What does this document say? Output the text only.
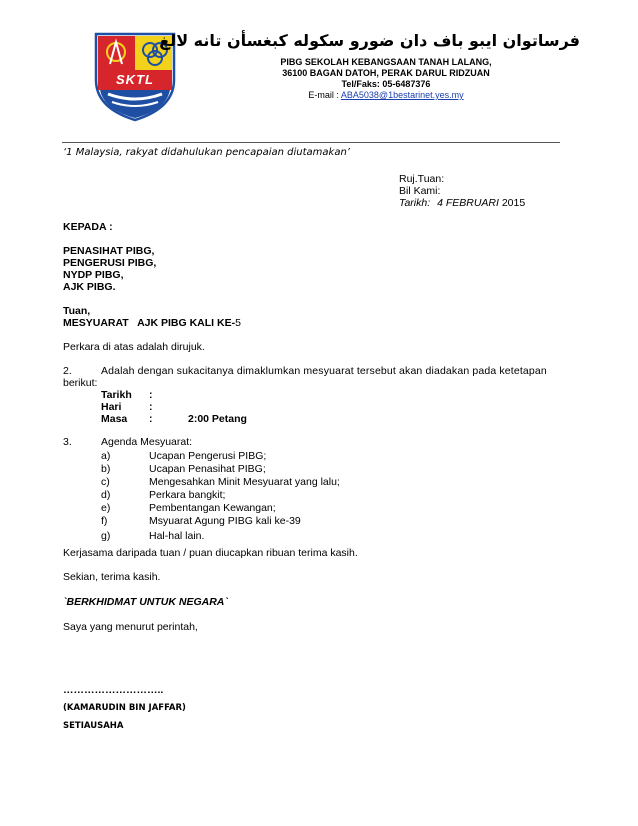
SKTL
فرساتوان ايبو باف دان ضورو سكوله كبغسأن تانه لالغ
PIBG SEKOLAH KEBANGSAAN TANAH LALANG,
36100 BAGAN DATOH, PERAK DARUL RIDZUAN
Tel/Faks: 05-6487376
E-mail : ABA5038@1bestarinet.yes.my
‘1 Malaysia, rakyat didahulukan pencapaian diutamakan’
Ruj.Tuan:
Bil Kami:
Tarikh: 4 FEBRUARI 2015
KEPADA :
PENASIHAT PIBG,
PENGERUSI PIBG,
NYDP PIBG,
AJK PIBG.
Tuan,
MESYUARAT   AJK PIBG KALI KE-5
Perkara di atas adalah dirujuk.
2.	Adalah dengan sukacitanya dimaklumkan mesyuarat tersebut akan diadakan pada ketetapan
berikut:
Tarikh :
Hari	:
Masa :	2:00 Petang
3.	Agenda Mesyuarat:
a)	Ucapan Pengerusi PIBG;
b)	Ucapan Penasihat PIBG;
c)	Mengesahkan Minit Mesyuarat yang lalu;
d)	Perkara bangkit;
e)	Pembentangan Kewangan;
f)	Msyuarat Agung PIBG kali ke-39
g)	Hal-hal lain.
Kerjasama daripada tuan / puan diucapkan ribuan terima kasih.
Sekian, terima kasih.
`BERKHIDMAT UNTUK NEGARA`
Saya yang menurut perintah,
………………………..
(KAMARUDIN BIN JAFFAR)
SETIAUSAHA
